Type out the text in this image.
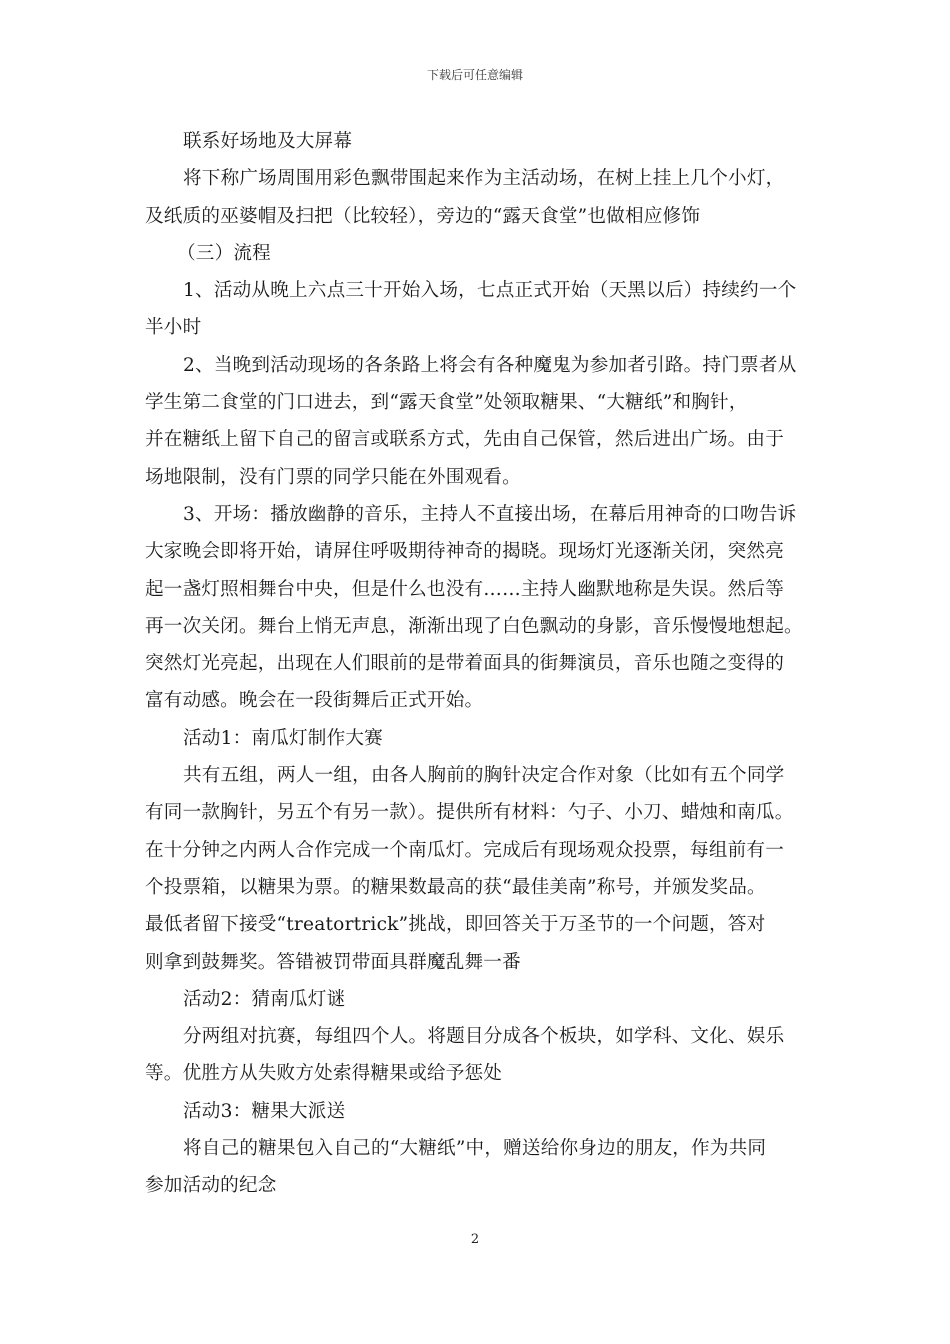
下载后可任意编辑
联系好场地及大屏幕
将下称广场周围用彩色飘带围起来作为主活动场，在树上挂上几个小灯，
及纸质的巫婆帽及扫把（比较轻），旁边的“露天食堂”也做相应修饰
（三）流程
1、活动从晚上六点三十开始入场，七点正式开始（天黑以后）持续约一个
半小时
2、当晚到活动现场的各条路上将会有各种魔鬼为参加者引路。持门票者从
学生第二食堂的门口进去，到“露天食堂”处领取糖果、“大糖纸”和胸针，
并在糖纸上留下自己的留言或联系方式，先由自己保管，然后进出广场。由于
场地限制，没有门票的同学只能在外围观看。
3、开场：播放幽静的音乐，主持人不直接出场，在幕后用神奇的口吻告诉
大家晚会即将开始，请屏住呼吸期待神奇的揭晓。现场灯光逐渐关闭，突然亮
起一盏灯照相舞台中央，但是什么也没有……主持人幽默地称是失误。然后等
再一次关闭。舞台上悄无声息，渐渐出现了白色飘动的身影，音乐慢慢地想起。
突然灯光亮起，出现在人们眼前的是带着面具的街舞演员，音乐也随之变得的
富有动感。晚会在一段街舞后正式开始。
活动1：南瓜灯制作大赛
共有五组，两人一组，由各人胸前的胸针决定合作对象（比如有五个同学
有同一款胸针，另五个有另一款）。提供所有材料：勺子、小刀、蜡烛和南瓜。
在十分钟之内两人合作完成一个南瓜灯。完成后有现场观众投票，每组前有一
个投票箱，以糖果为票。的糖果数最高的获“最佳美南”称号，并颁发奖品。
最低者留下接受“treatortrick”挑战，即回答关于万圣节的一个问题，答对
则拿到鼓舞奖。答错被罚带面具群魔乱舞一番
活动2：猜南瓜灯谜
分两组对抗赛，每组四个人。将题目分成各个板块，如学科、文化、娱乐
等。优胜方从失败方处索得糖果或给予惩处
活动3：糖果大派送
将自己的糖果包入自己的“大糖纸”中，赠送给你身边的朋友，作为共同
参加活动的纪念
2
